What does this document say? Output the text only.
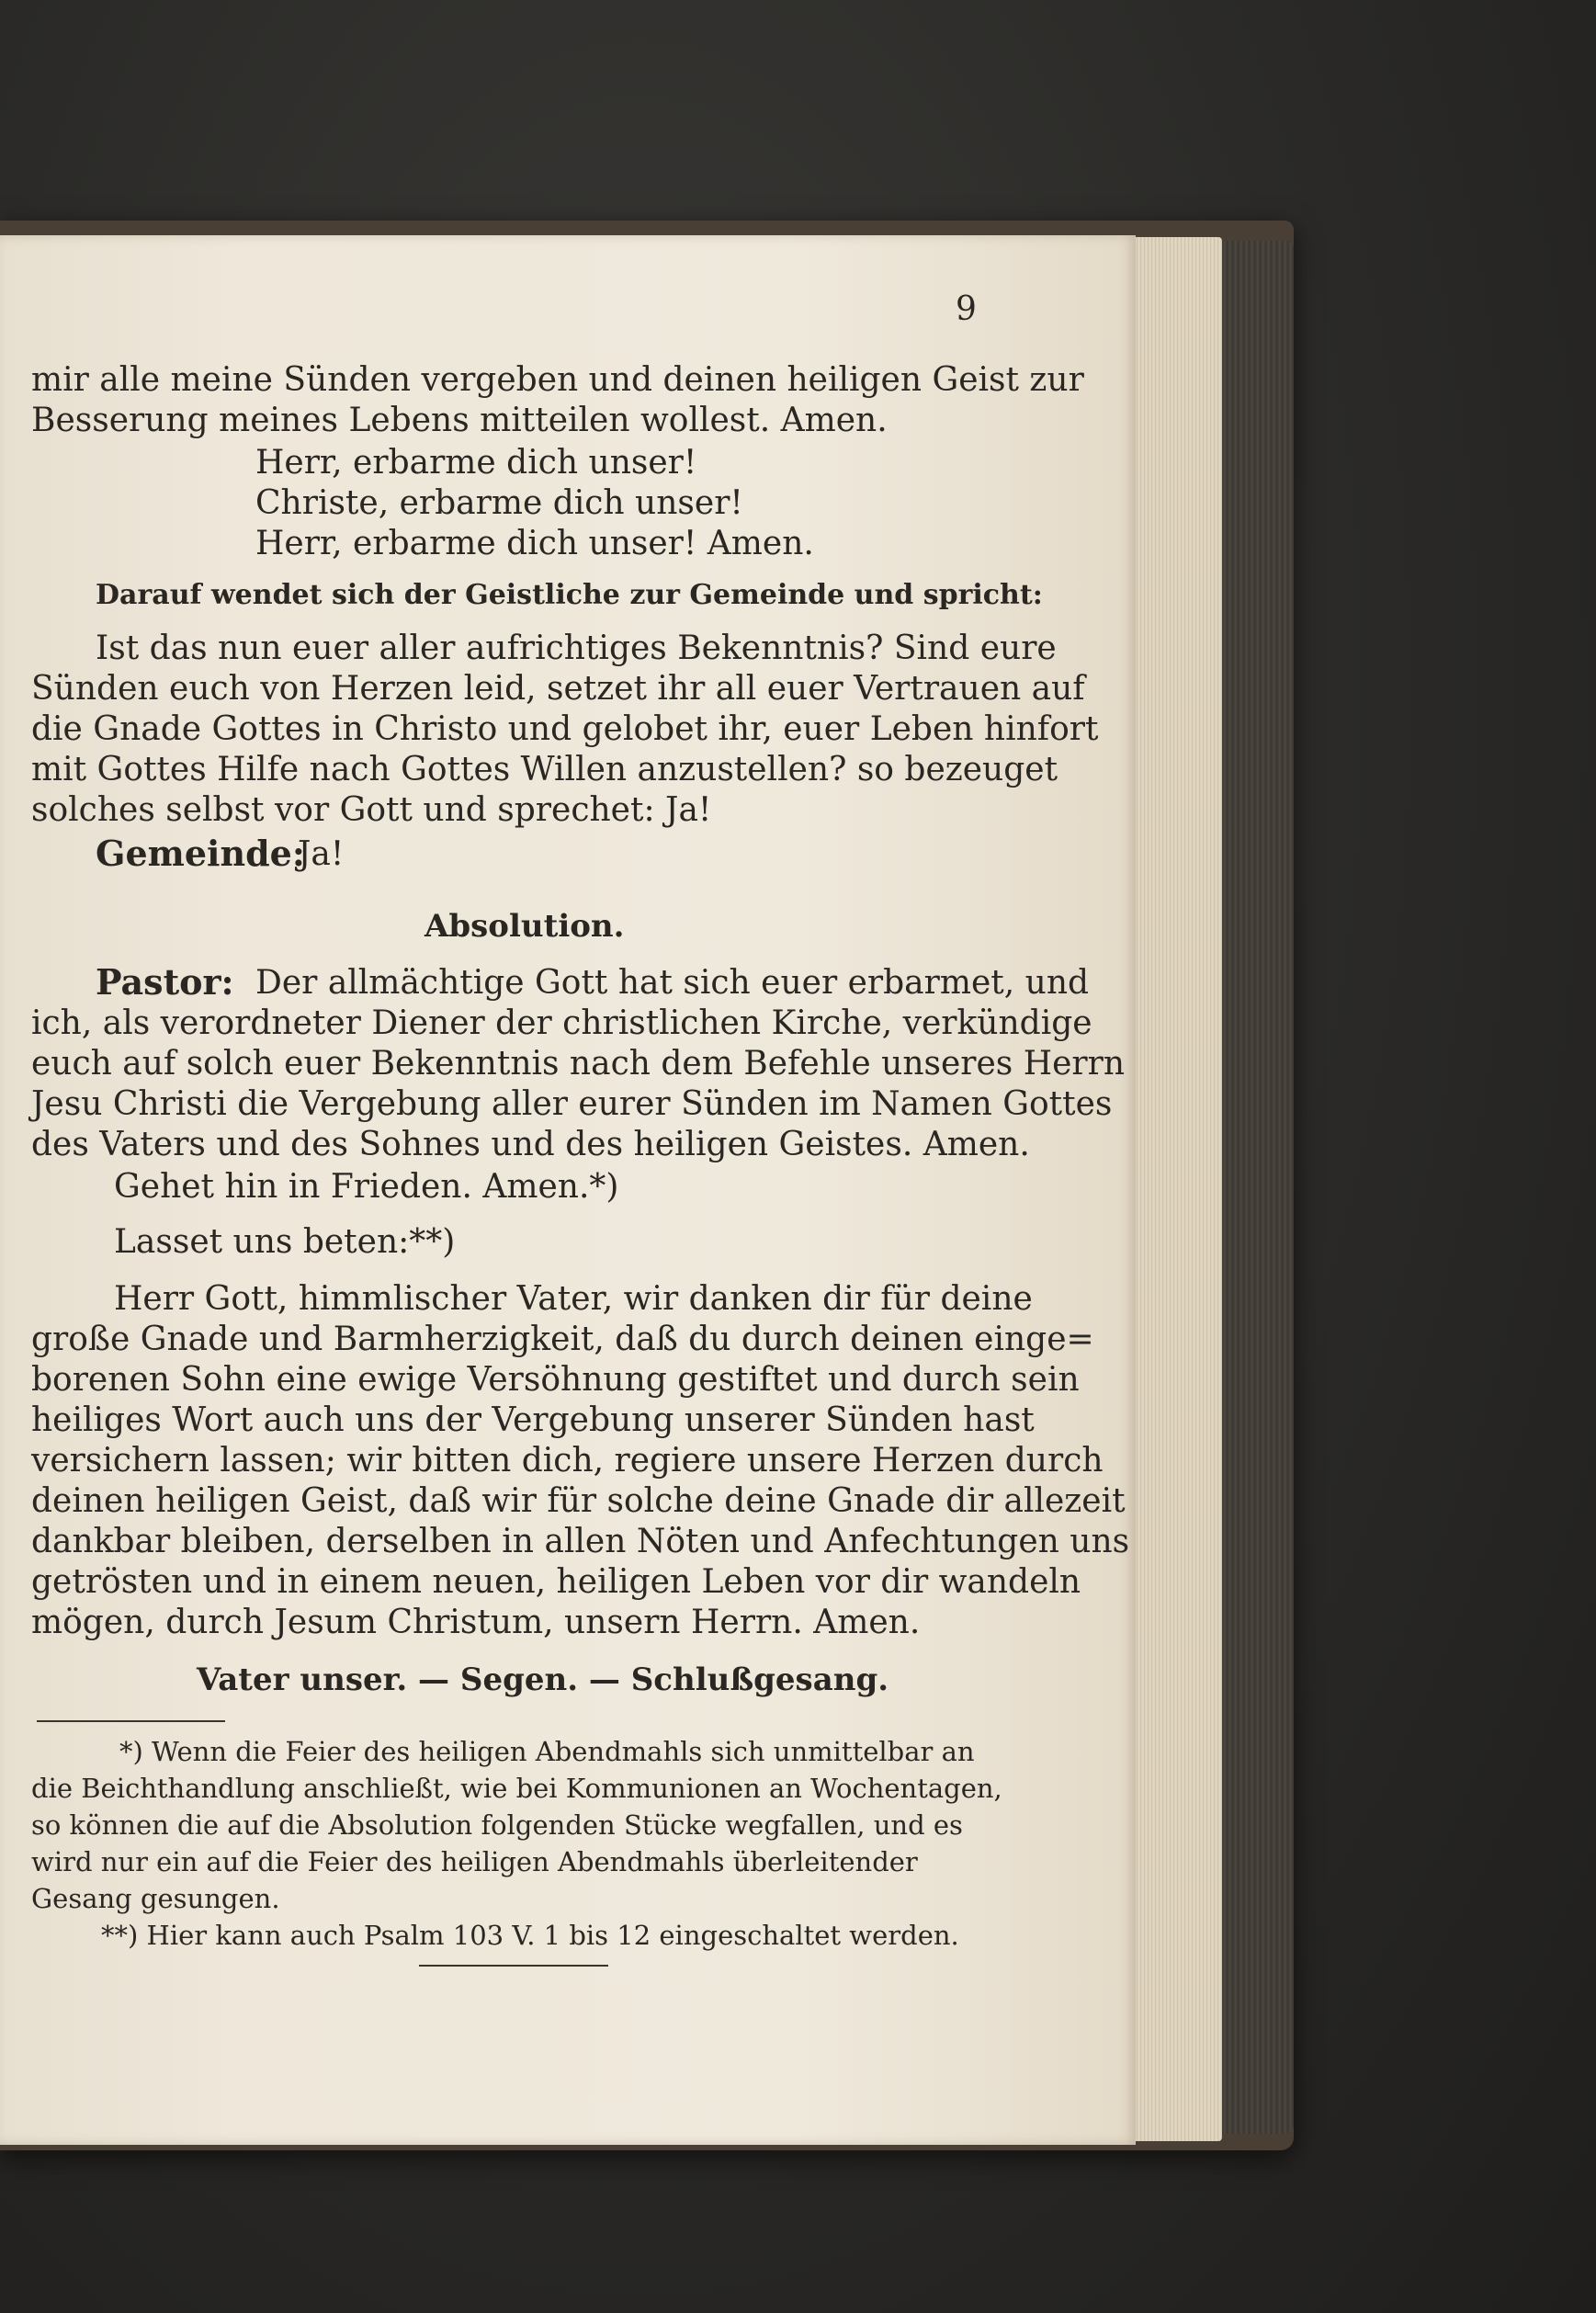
9
mir alle meine Sünden vergeben und deinen heiligen Geist zur
Besserung meines Lebens mitteilen wollest. Amen.
Herr, erbarme dich unser!
Christe, erbarme dich unser!
Herr, erbarme dich unser! Amen.
Darauf wendet sich der Geistliche zur Gemeinde und spricht:
Ist das nun euer aller aufrichtiges Bekenntnis? Sind eure
Sünden euch von Herzen leid, setzet ihr all euer Vertrauen auf
die Gnade Gottes in Christo und gelobet ihr, euer Leben hinfort
mit Gottes Hilfe nach Gottes Willen anzustellen? so bezeuget
solches selbst vor Gott und sprechet: Ja!
Gemeinde:
Ja!
Absolution.
Pastor: Der allmächtige Gott hat sich euer erbarmet, und
ich, als verordneter Diener der christlichen Kirche, verkündige
euch auf solch euer Bekenntnis nach dem Befehle unseres Herrn
Jesu Christi die Vergebung aller eurer Sünden im Namen Gottes
des Vaters und des Sohnes und des heiligen Geistes. Amen.
Gehet hin in Frieden. Amen.*)
Lasset uns beten:**)
Herr Gott, himmlischer Vater, wir danken dir für deine
große Gnade und Barmherzigkeit, daß du durch deinen einge=
borenen Sohn eine ewige Versöhnung gestiftet und durch sein
heiliges Wort auch uns der Vergebung unserer Sünden hast
versichern lassen; wir bitten dich, regiere unsere Herzen durch
deinen heiligen Geist, daß wir für solche deine Gnade dir allezeit
dankbar bleiben, derselben in allen Nöten und Anfechtungen uns
getrösten und in einem neuen, heiligen Leben vor dir wandeln
mögen, durch Jesum Christum, unsern Herrn. Amen.
Vater unser. — Segen. — Schlußgesang.
*) Wenn die Feier des heiligen Abendmahls sich unmittelbar an
die Beichthandlung anschließt, wie bei Kommunionen an Wochentagen,
so können die auf die Absolution folgenden Stücke wegfallen, und es
wird nur ein auf die Feier des heiligen Abendmahls überleitender
Gesang gesungen.
**) Hier kann auch Psalm 103 V. 1 bis 12 eingeschaltet werden.
